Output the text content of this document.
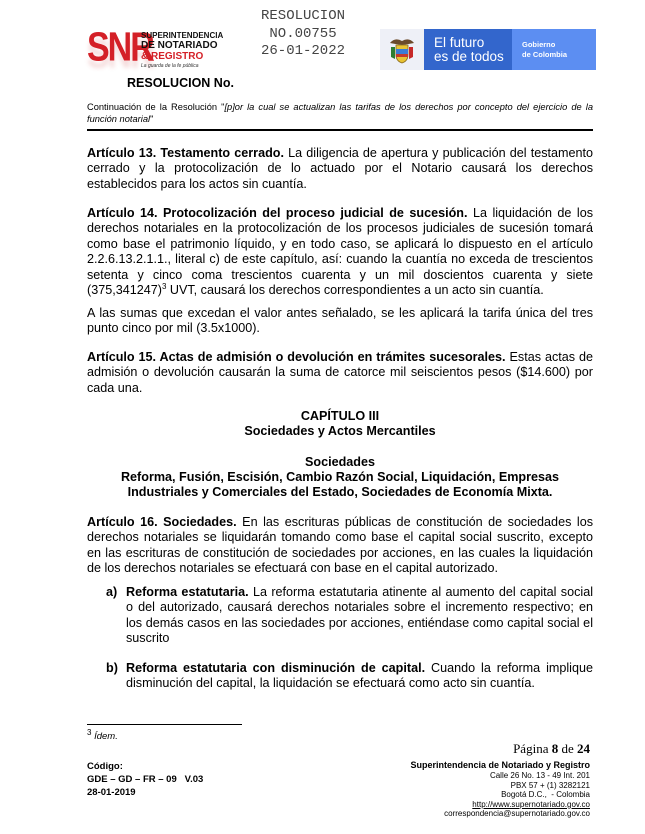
SNR
SUPERINTENDENCIA
DE NOTARIADO
& REGISTRO
La guarda de la fe pública
RESOLUCION
NO.00755
26-01-2022
El futuro
es de todos
Gobierno
de Colombia
RESOLUCION No.
Continuación de la Resolución "[p]or la cual se actualizan las tarifas de los derechos por concepto del ejercicio de la función notarial"
Artículo 13. Testamento cerrado. La diligencia de apertura y publicación del testamento cerrado y la protocolización de lo actuado por el Notario causará los derechos establecidos para los actos sin cuantía.
Artículo 14. Protocolización del proceso judicial de sucesión. La liquidación de los derechos notariales en la protocolización de los procesos judiciales de sucesión tomará como base el patrimonio líquido, y en todo caso, se aplicará lo dispuesto en el artículo 2.2.6.13.2.1.1., literal c) de este capítulo, así: cuando la cuantía no exceda de trescientos setenta y cinco coma trescientos cuarenta y un mil doscientos cuarenta y siete $(375,341247)^3$ UVT, causará los derechos correspondientes a un acto sin cuantía.
A las sumas que excedan el valor antes señalado, se les aplicará la tarifa única del tres punto cinco por mil (3.5x1000).
Artículo 15. Actas de admisión o devolución en trámites sucesorales. Estas actas de admisión o devolución causarán la suma de catorce mil seiscientos pesos ($14.600) por cada una.
CAPÍTULO III
Sociedades y Actos Mercantiles
Sociedades
Reforma, Fusión, Escisión, Cambio Razón Social, Liquidación, Empresas Industriales y Comerciales del Estado, Sociedades de Economía Mixta.
Artículo 16. Sociedades. En las escrituras públicas de constitución de sociedades los derechos notariales se liquidarán tomando como base el capital social suscrito, excepto en las escrituras de constitución de sociedades por acciones, en las cuales la liquidación de los derechos notariales se efectuará con base en el capital autorizado.
a) Reforma estatutaria. La reforma estatutaria atinente al aumento del capital social o del autorizado, causará derechos notariales sobre el incremento respectivo; en los demás casos en las sociedades por acciones, entiéndase como capital social el suscrito
b) Reforma estatutaria con disminución de capital. Cuando la reforma implique disminución del capital, la liquidación se efectuará como acto sin cuantía.
$^3$ Ídem.
Código:
GDE – GD – FR – 09   V.03
28-01-2019
Página 8 de 24
Superintendencia de Notariado y Registro
Calle 26 No. 13 - 49 Int. 201
PBX 57 + (1) 3282121
Bogotá D.C.,  - Colombia
http://www.supernotariado.gov.co
correspondencia@supernotariado.gov.co
